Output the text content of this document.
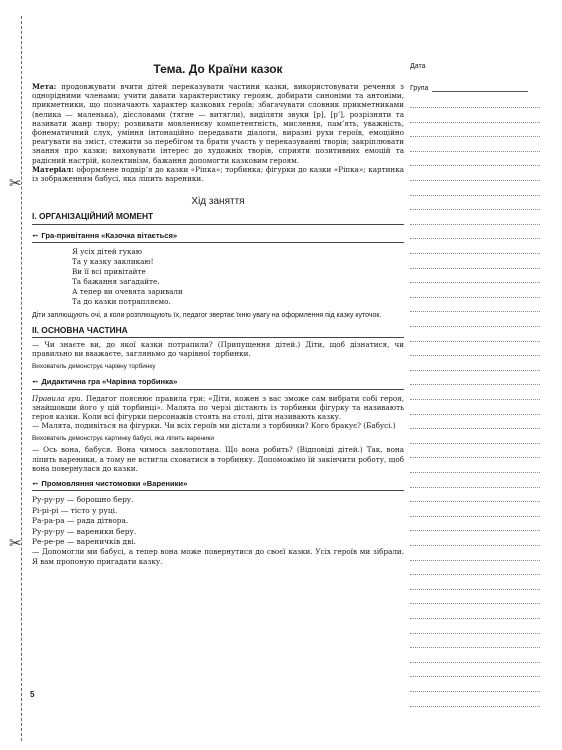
✂
✂
Тема. До Країни казок

Мета: продовжувати вчити дітей переказувати частини казки, використовувати речення з однорідними членами; учити давати характеристику героям, добирати синоніми та антоніми, прикметники, що позначають характер казкових героїв; збагачувати словник прикметниками (велика — маленька), дієсловами (тягне — витягли), виділяти звуки [р], [рʼ], розрізняти та називати жанр твору; розвивати мовленнєву компетентність, мислення, пам’ять, уважність, фонематичний слух, уміння інтонаційно передавати діалоги, виразні рухи героїв, емоційно реагувати на зміст, стежити за перебігом та брати участь у переказуванні творів; закріплювати знання про казки; виховувати інтерес до художніх творів, сприяти позитивних емоцій та радісний настрій, колективізм, бажання допомогти казковим героям.

Матеріал: оформлене подвір’я до казки «Ріпка»; торбинка; фігурки до казки «Ріпка»; картинка із зображенням бабусі, яка ліпить вареники.

Хід заняття
I. ОРГАНІЗАЦІЙНИЙ МОМЕНТ
➻ Гра-привітання «Казочка вітається»
Я усіх дітей гукаю
Та у казку закликаю!
Ви її всі привітайте
Та бажання загадайте.
А тепер ви очевята заривали
Та до казки потрапляємо.
Діти заплющують очі, а коли розплющують їх, педагог звертає їхню увагу на оформлення під казку куточок.
II. ОСНОВНА ЧАСТИНА

— Чи знаєте ви, до якої казки потрапили? (Припущення дітей.) Діти, щоб дізнатися, чи правильно ви вважаєте, загляньмо до чарівної торбинки.

Вихователь демонструє чарівну торбинку
➻ Дидактична гра «Чарівна торбинка»

Правила гри. Педагог пояснює правила гри: «Діти, кожен з вас зможе сам вибрати собі героя, знайшовши його у цій торбинці». Малята по черзі дістають із торбинки фігурку та називають героя казки. Коли всі фігурки персонажів стоять на столі, діти називають казку.

— Малята, подивіться на фігурки. Чи всіх героїв ми дістали з торбинки? Кого бракує? (Бабусі.)

Вихователь демонструє картинку бабусі, яка ліпить вареники

— Ось вона, бабуся. Вона чимось заклопотана. Що вона робить? (Відповіді дітей.) Так, вона ліпить вареники, а тому не встигла сховатися в торбинку. Допоможімо їй закінчити роботу, щоб вона повернулася до казки.

➻ Промовляння чистомовки «Вареники»
Ру-ру-ру — борошно беру.
Рі-рі-рі — тісто у руці.
Ра-ра-ра — рада дітвора.
Ру-ру-ру — вареники беру.
Ре-ре-ре — вареничків дві.

— Допомогли ми бабусі, а тепер вона може повернутися до своєї казки. Усіх героїв ми зібрали. Я вам пропоную пригадати казку.

5
Дата
Група
